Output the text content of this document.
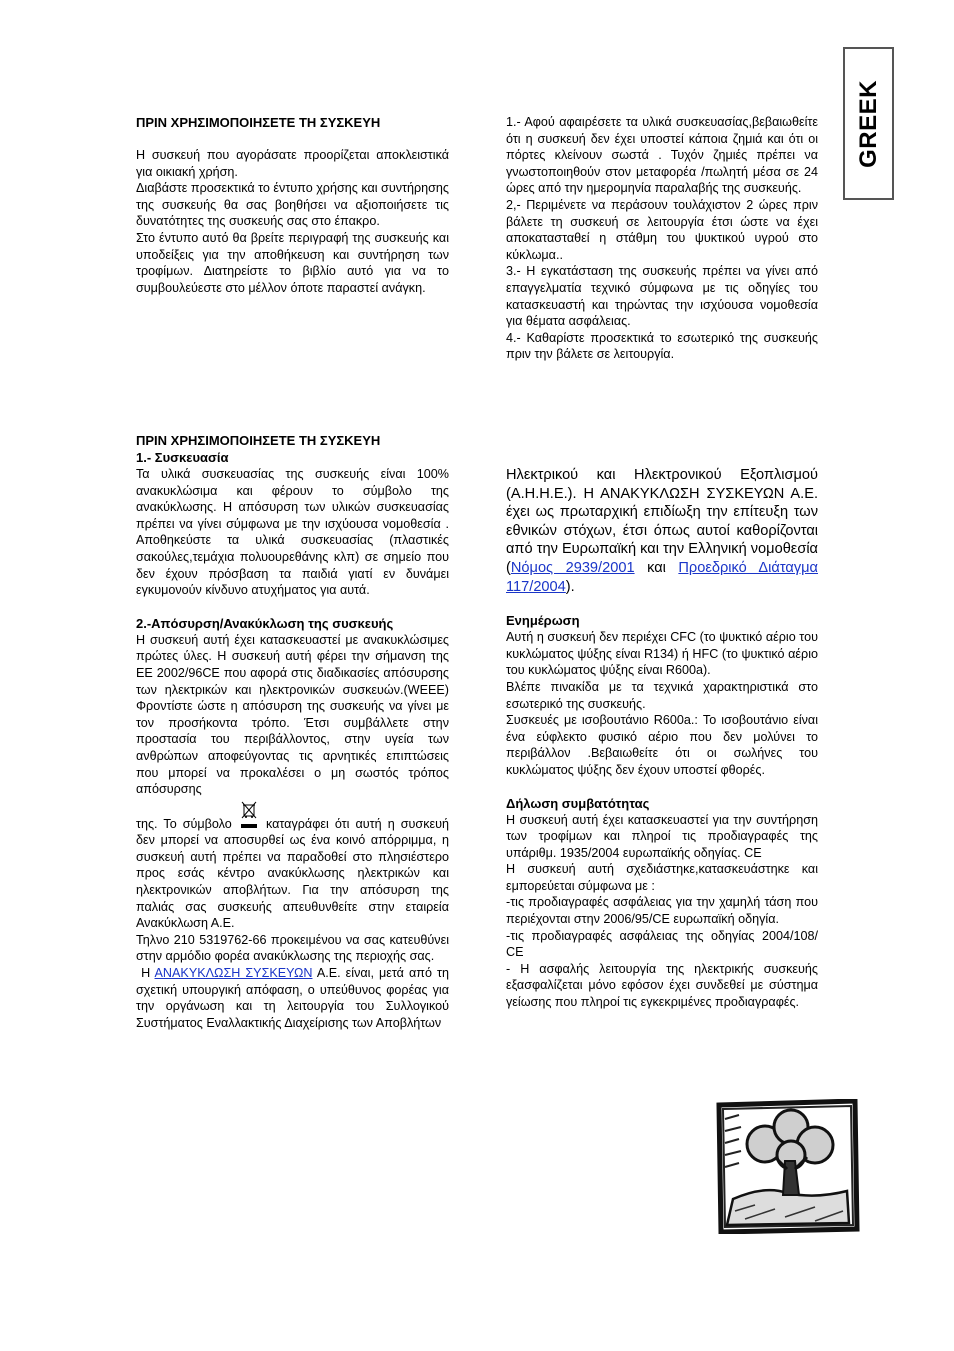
GREEK

ΠΡΙΝ ΧΡΗΣΙΜΟΠΟΙΗΣΕΤΕ ΤΗ ΣΥΣΚΕΥΗ

Η συσκευή που αγοράσατε προορίζεται αποκλειστικά για οικιακή χρήση.

Διαβάστε προσεκτικά το έντυπο χρήσης και συντήρησης της συσκευής θα σας βοηθήσει να αξιοποιήσετε τις δυνατότητες της συσκευής σας στο έπακρο.

Στο έντυπο αυτό θα βρείτε περιγραφή της συσκευής και υποδείξεις για την αποθήκευση και συντήρηση των τροφίμων. Διατηρείστε το βιβλίο αυτό για να το συμβουλεύεστε στο μέλλον όποτε παραστεί ανάγκη.

1.- Αφού αφαιρέσετε τα υλικά συσκευασίας,βεβαιωθείτε ότι η συσκευή δεν έχει υποστεί κάποια ζημιά και ότι οι πόρτες κλείνουν σωστά . Τυχόν ζημιές πρέπει να γνωστοποιηθούν στον μεταφορέα /πωλητή μέσα σε 24 ώρες από την ημερομηνία παραλαβής της συσκευής.

2,- Περιμένετε να περάσουν τουλάχιστον 2 ώρες πριν βάλετε τη συσκευή σε λειτουργία έτσι ώστε να έχει αποκατασταθεί η στάθμη του ψυκτικού υγρού στο κύκλωμα..

3.- Η εγκατάσταση της συσκευής πρέπει να γίνει από επαγγελματία τεχνικό σύμφωνα με τις οδηγίες του κατασκευαστή και τηρώντας την ισχύουσα νομοθεσία για θέματα ασφάλειας.

4.- Καθαρίστε προσεκτικά το εσωτερικό της συσκευής πριν την βάλετε σε λειτουργία.

ΠΡΙΝ ΧΡΗΣΙΜΟΠΟΙΗΣΕΤΕ ΤΗ ΣΥΣΚΕΥΗ

1.- Συσκευασία

Τα υλικά συσκευασίας της συσκευής είναι 100% ανακυκλώσιμα και φέρουν το σύμβολο της ανακύκλωσης. Η απόσυρση των υλικών συσκευασίας πρέπει να γίνει σύμφωνα με την ισχύουσα νομοθεσία . Αποθηκεύστε τα υλικά συσκευασίας (πλαστικές σακούλες,τεμάχια πολυουρεθάνης κλπ) σε σημείο που δεν έχουν πρόσβαση τα παιδιά γιατί εν δυνάμει εγκυμονούν κίνδυνο ατυχήματος για αυτά.

2.-Απόσυρση/Ανακύκλωση της συσκευής

Η συσκευή αυτή έχει κατασκευαστεί με ανακυκλώσιμες πρώτες ύλες. Η συσκευή αυτή φέρει την σήμανση της ΕΕ 2002/96CE που αφορά στις διαδικασίες απόσυρσης των ηλεκτρικών και ηλεκτρονικών συσκευών.(WEEE) Φροντίστε ώστε η απόσυρση της συσκευής να γίνει με τον προσήκοντα τρόπο. Έτσι συμβάλλετε στην προστασία του περιβάλλοντος, στην υγεία των ανθρώπων αποφεύγοντας τις αρνητικές επιπτώσεις που μπορεί να προκαλέσει ο μη σωστός τρόπος απόσυρσης

της. Το σύμβολο	καταγράφει ότι αυτή η συσκευή δεν μπορεί να αποσυρθεί ως ένα κοινό απόρριμμα, η συσκευή αυτή πρέπει να παραδοθεί στο πλησιέστερο προς εσάς κέντρο ανακύκλωσης ηλεκτρικών και ηλεκτρονικών αποβλήτων. Για την απόσυρση της παλιάς σας συσκευής απευθυνθείτε στην εταιρεία Ανακύκλωση Α.Ε.

Τηλνο 210 5319762-66 προκειμένου να σας κατευθύνει στην αρμόδιο φορέα ανακύκλωσης της περιοχής σας.

Η ΑΝΑΚΥΚΛΩΣΗ ΣΥΣΚΕΥΩΝ Α.Ε. είναι, μετά από τη σχετική υπουργική απόφαση, ο υπεύθυνος φορέας για την οργάνωση και τη λειτουργία του Συλλογικού Συστήματος Εναλλακτικής Διαχείρισης των Αποβλήτων

Ηλεκτρικού και Ηλεκτρονικού Εξοπλισμού (Α.Η.Η.Ε.). Η ΑΝΑΚΥΚΛΩΣΗ ΣΥΣΚΕΥΩΝ Α.Ε. έχει ως πρωταρχική επιδίωξη την επίτευξη των εθνικών στόχων, έτσι όπως αυτοί καθορίζονται από την Ευρωπαϊκή και την Ελληνική νομοθεσία (Νόμος 2939/2001 και Προεδρικό Διάταγμα 117/2004).

Ενημέρωση

Αυτή η συσκευή δεν περιέχει CFC (το ψυκτικό αέριο του κυκλώματος ψύξης είναι R134) ή HFC (το ψυκτικό αέριο του κυκλώματος ψύξης είναι R600a).

Βλέπε πινακίδα με τα τεχνικά χαρακτηριστικά στο εσωτερικό της συσκευής.

Συσκευές με ισοβουτάνιο R600a.: Το ισοβουτάνιο είναι ένα εύφλεκτο φυσικό αέριο που δεν μολύνει το περιβάλλον .Βεβαιωθείτε ότι οι σωλήνες του κυκλώματος ψύξης δεν έχουν υποστεί φθορές.

Δήλωση συμβατότητας

Η συσκευή αυτή έχει κατασκευαστεί για την συντήρηση των τροφίμων και πληροί τις προδιαγραφές της υπάριθμ. 1935/2004 ευρωπαϊκής οδηγίας. CE

Η συσκευή αυτή σχεδιάστηκε,κατασκευάστηκε και εμπορεύεται σύμφωνα με :

-τις προδιαγραφές ασφάλειας για την χαμηλή τάση που περιέχονται στην 2006/95/CE ευρωπαϊκή οδηγία.

-τις προδιαγραφές ασφάλειας της οδηγίας 2004/108/ CE

- Η ασφαλής λειτουργία της ηλεκτρικής συσκευής εξασφαλίζεται μόνο εφόσον έχει συνδεθεί με σύστημα γείωσης που πληροί τις εγκεκριμένες προδιαγραφές.
